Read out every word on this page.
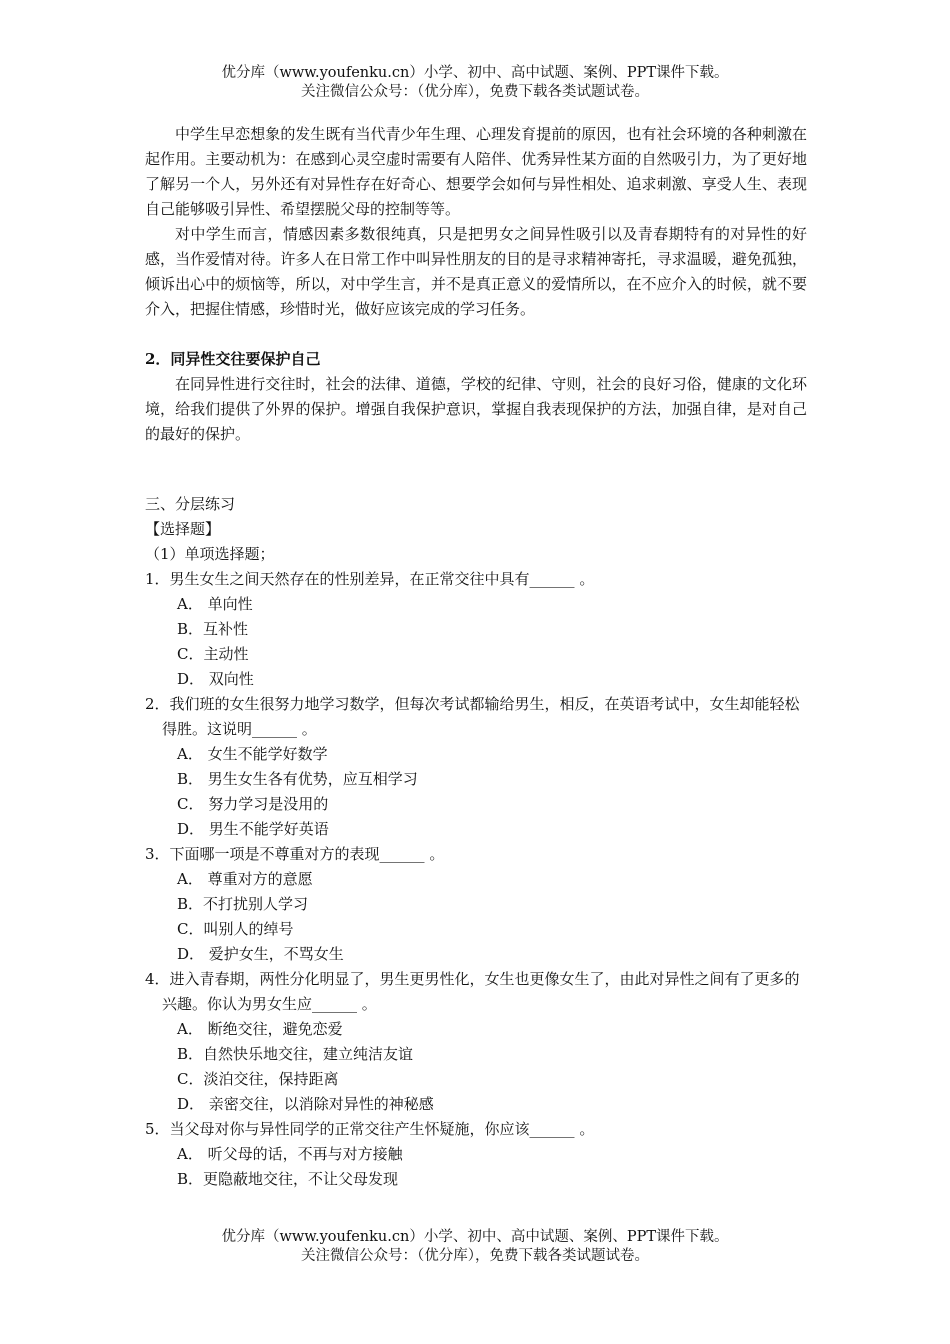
优分库（www.youfenku.cn）小学、初中、高中试题、案例、PPT课件下载。
关注微信公众号：（优分库），免费下载各类试题试卷。

中学生早恋想象的发生既有当代青少年生理、心理发育提前的原因，也有社会环境的各种刺激在起作用。主要动机为：在感到心灵空虚时需要有人陪伴、优秀异性某方面的自然吸引力，为了更好地了解另一个人，另外还有对异性存在好奇心、想要学会如何与异性相处、追求刺激、享受人生、表现自己能够吸引异性、希望摆脱父母的控制等等。

对中学生而言，情感因素多数很纯真，只是把男女之间异性吸引以及青春期特有的对异性的好感，当作爱情对待。许多人在日常工作中叫异性朋友的目的是寻求精神寄托，寻求温暖，避免孤独，倾诉出心中的烦恼等，所以，对中学生言，并不是真正意义的爱情所以，在不应介入的时候，就不要介入，把握住情感，珍惜时光，做好应该完成的学习任务。

2．同异性交往要保护自己

在同异性进行交往时，社会的法律、道德，学校的纪律、守则，社会的良好习俗，健康的文化环境，给我们提供了外界的保护。增强自我保护意识，掌握自我表现保护的方法，加强自律，是对自己的最好的保护。

三、分层练习

【选择题】

（1）单项选择题；

1．男生女生之间天然存在的性别差异，在正常交往中具有______ 。

A． 单向性

B．互补性

C．主动性

D． 双向性

2．我们班的女生很努力地学习数学，但每次考试都输给男生，相反，在英语考试中，女生却能轻松得胜。这说明______ 。

A． 女生不能学好数学

B． 男生女生各有优势，应互相学习

C． 努力学习是没用的

D． 男生不能学好英语

3．下面哪一项是不尊重对方的表现______ 。

A． 尊重对方的意愿

B．不打扰别人学习

C．叫别人的绰号

D． 爱护女生，不骂女生

4．进入青春期，两性分化明显了，男生更男性化，女生也更像女生了，由此对异性之间有了更多的兴趣。你认为男女生应______ 。

A． 断绝交往，避免恋爱

B．自然快乐地交往，建立纯洁友谊

C．淡泊交往，保持距离

D． 亲密交往，以消除对异性的神秘感

5．当父母对你与异性同学的正常交往产生怀疑施，你应该______ 。

A． 听父母的话，不再与对方接触

B．更隐蔽地交往，不让父母发现

优分库（www.youfenku.cn）小学、初中、高中试题、案例、PPT课件下载。
关注微信公众号：（优分库），免费下载各类试题试卷。
